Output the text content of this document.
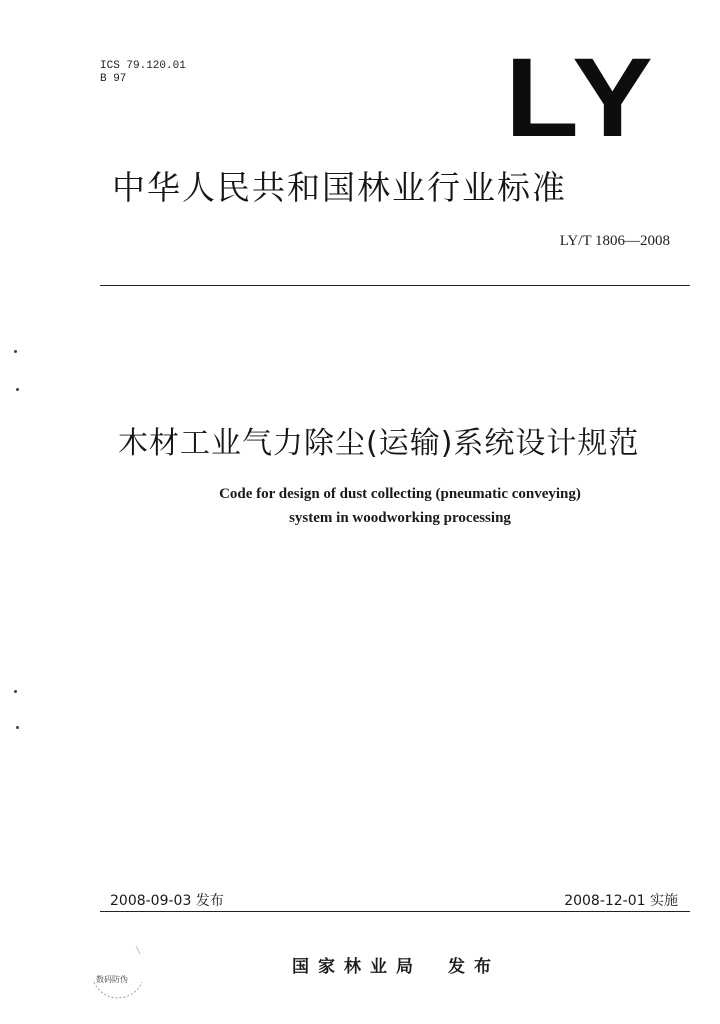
ICS 79.120.01
B 97	LY
中华人民共和国林业行业标准
LY/T 1806—2008
木材工业气力除尘(运输)系统设计规范
Code for design of dust collecting (pneumatic conveying)
system in woodworking processing
2008-09-03 发布	2008-12-01 实施
国家林业局　发布
数码防伪
